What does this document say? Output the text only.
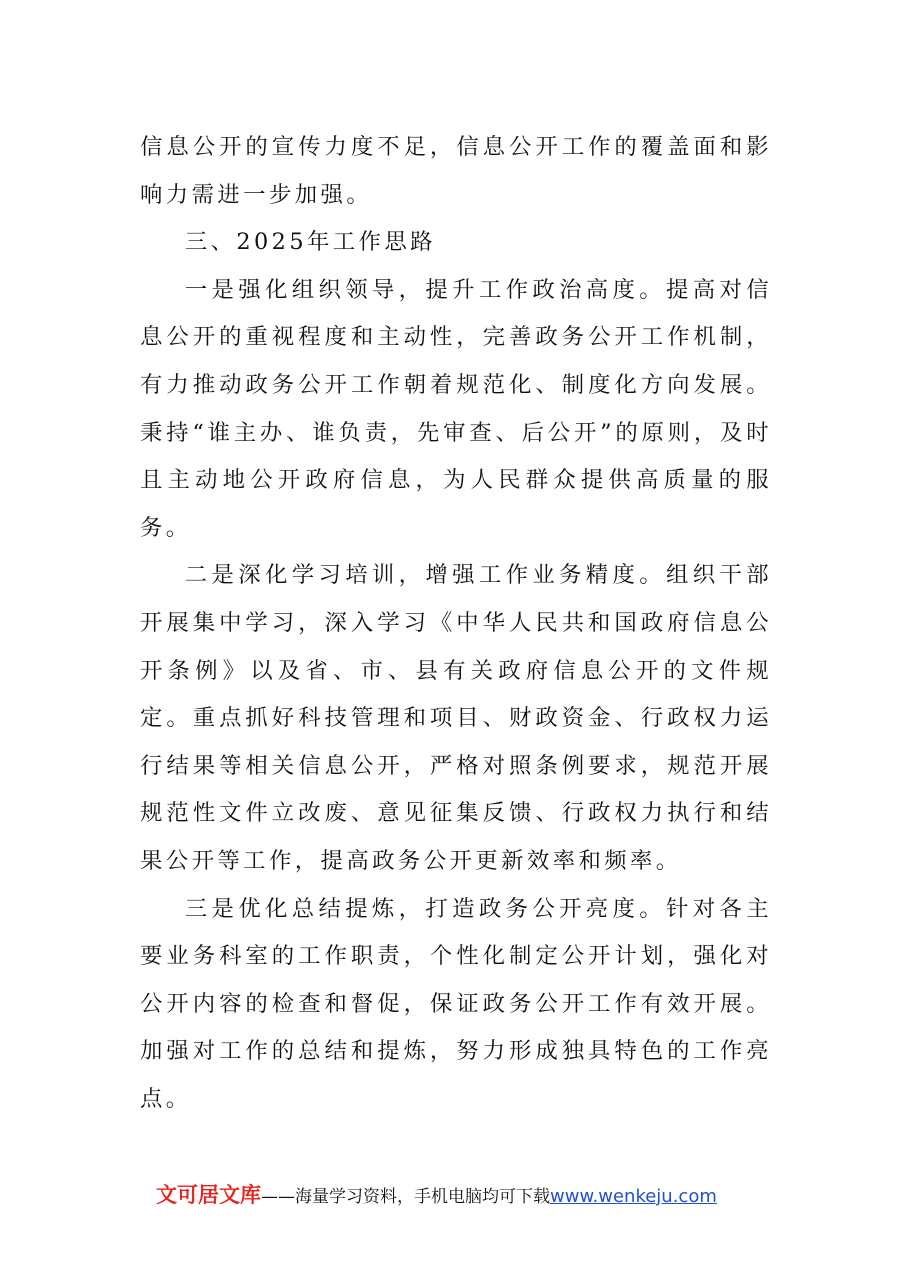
信息公开的宣传力度不足，信息公开工作的覆盖面和影响力需进一步加强。

三、2025年工作思路

一是强化组织领导，提升工作政治高度。提高对信息公开的重视程度和主动性，完善政务公开工作机制，有力推动政务公开工作朝着规范化、制度化方向发展。秉持“谁主办、谁负责，先审查、后公开”的原则，及时且主动地公开政府信息，为人民群众提供高质量的服务。

二是深化学习培训，增强工作业务精度。组织干部开展集中学习，深入学习《中华人民共和国政府信息公开条例》以及省、市、县有关政府信息公开的文件规定。重点抓好科技管理和项目、财政资金、行政权力运行结果等相关信息公开，严格对照条例要求，规范开展规范性文件立改废、意见征集反馈、行政权力执行和结果公开等工作，提高政务公开更新效率和频率。

三是优化总结提炼，打造政务公开亮度。针对各主要业务科室的工作职责，个性化制定公开计划，强化对公开内容的检查和督促，保证政务公开工作有效开展。加强对工作的总结和提炼，努力形成独具特色的工作亮点。

文可居文库——海量学习资料，手机电脑均可下载www.wenkeju.com
